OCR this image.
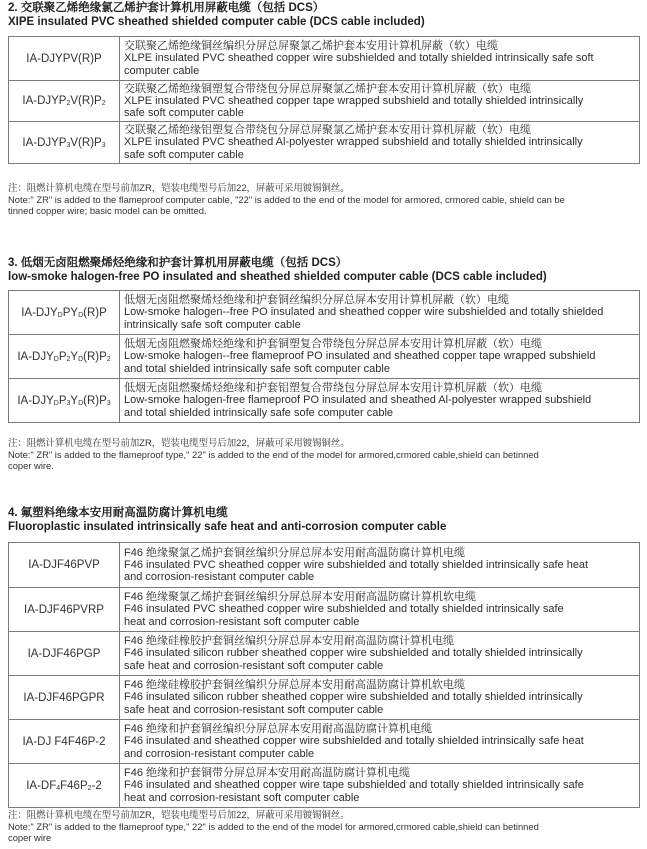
2. 交联聚乙烯绝缘氯乙烯护套计算机用屏蔽电缆（包括 DCS）
XIPE insulated PVC sheathed shielded computer cable (DCS cable included)
IA-DJYPV(R)P	交联聚乙烯绝缘铜丝编织分屏总屏聚氯乙烯护套本安用计算机屏蔽（软）电缆
XLPE insulated PVC sheathed copper wire subshielded and totally shielded intrinsically safe soft
computer cable

$IA-DJYP_2V(R)P_2$	交联聚乙烯绝缘铜塑复合带绕包分屏总屏聚氯乙烯护套本安用计算机屏蔽（软）电缆
XLPE insulated PVC sheathed copper tape wrapped subshield and totally shielded intrinsically
safe soft computer cable

$IA-DJYP_3V(R)P_3$	交联聚乙烯绝缘铝塑复合带绕包分屏总屏聚氯乙烯护套本安用计算机屏蔽（软）电缆
XLPE insulated PVC sheathed Al-polyester wrapped subshield and totally shielded intrinsically
safe soft computer cable
注：阻燃计算机电缆在型号前加ZR，铠装电缆型号后加22，屏蔽可采用镀锡铜丝。
Note:" ZR" is added to the flameproof computer cable, "22" is added to the end of the model for armored, crmored cable, shield can be
tinned copper wire; basic model can be omitted.
3. 低烟无卤阻燃聚烯烃绝缘和护套计算机用屏蔽电缆（包括 DCS）
low-smoke halogen-free PO insulated and sheathed shielded computer cable (DCS cable included)
$IA-DJY_DPY_D(R)P$	低烟无卤阻燃聚烯烃绝缘和护套铜丝编织分屏总屏本安用计算机屏蔽（软）电缆
Low-smoke halogen--free PO insulated and sheathed copper wire subshielded and totally shielded
intrinsically safe soft computer cable

$IA-DJY_DP_2Y_D(R)P_2$	低烟无卤阻燃聚烯烃绝缘和护套铜塑复合带绕包分屏总屏本安用计算机屏蔽（软）电缆
Low-smoke halogen--free flameproof PO insulated and sheathed copper tape wrapped subshield
and total shielded intrinsically safe soft computer cable

$IA-DJY_DP_3Y_D(R)P_3$	低烟无卤阻燃聚烯烃绝缘和护套铝塑复合带绕包分屏总屏本安用计算机屏蔽（软）电缆
Low-smoke halogen-free flameproof PO insulated and sheathed Al-polyester wrapped subshield
and total shielded intrinsically safe sofe computer cable
注：阻燃计算机电缆在型号前加ZR，铠装电缆型号后加22，屏蔽可采用镀锡铜丝。
Note:" ZR" is added to the flameproof type," 22" is added to the end of the model for armored,crmored cable,shield can betinned
coper wire.
4. 氟塑料绝缘本安用耐高温防腐计算机电缆
Fluoroplastic insulated intrinsically safe heat and anti-corrosion computer cable
IA-DJF46PVP	F46 绝缘聚氯乙烯护套铜丝编织分屏总屏本安用耐高温防腐计算机电缆
F46 insulated PVC sheathed copper wire subshielded and totally shielded intrinsically safe heat
and corrosion-resistant computer cable

IA-DJF46PVRP	F46 绝缘聚氯乙烯护套铜丝编织分屏总屏本安用耐高温防腐计算机软电缆
F46 insulated PVC sheathed copper wire subshielded and totally shielded intrinsically safe
heat and corrosion-resistant soft computer cable

IA-DJF46PGP	F46 绝缘硅橡胶护套铜丝编织分屏总屏本安用耐高温防腐计算机电缆
F46 insulated silicon rubber sheathed copper wire subshielded and totally shielded intrinsically
safe heat and corrosion-resistant soft computer cable

IA-DJF46PGPR	F46 绝缘硅橡胶护套铜丝编织分屏总屏本安用耐高温防腐计算机软电缆
F46 insulated silicon rubber sheathed copper wire subshielded and totally shielded intrinsically
safe heat and corrosion-resistant soft computer cable

IA-DJ F4F46P-2	F46 绝缘和护套铜丝编织分屏总屏本安用耐高温防腐计算机电缆
F46 insulated and sheathed copper wire subshielded and totally shielded intrinsically safe heat
and corrosion-resistant computer cable

$IA-DF_4F46P_2-2$	F46 绝缘和护套铜带分屏总屏本安用耐高温防腐计算机电缆
F46 insulated and sheathed copper wire tape subshielded and totally shielded intrinsically safe
heat and corrosion-resistant soft computer cable
注：阻燃计算机电缆在型号前加ZR，铠装电缆型号后加22，屏蔽可采用镀锡铜丝。
Note:" ZR" is added to the flameproof type," 22" is added to the end of the model for armored,crmored cable,shield can betinned
coper wire
